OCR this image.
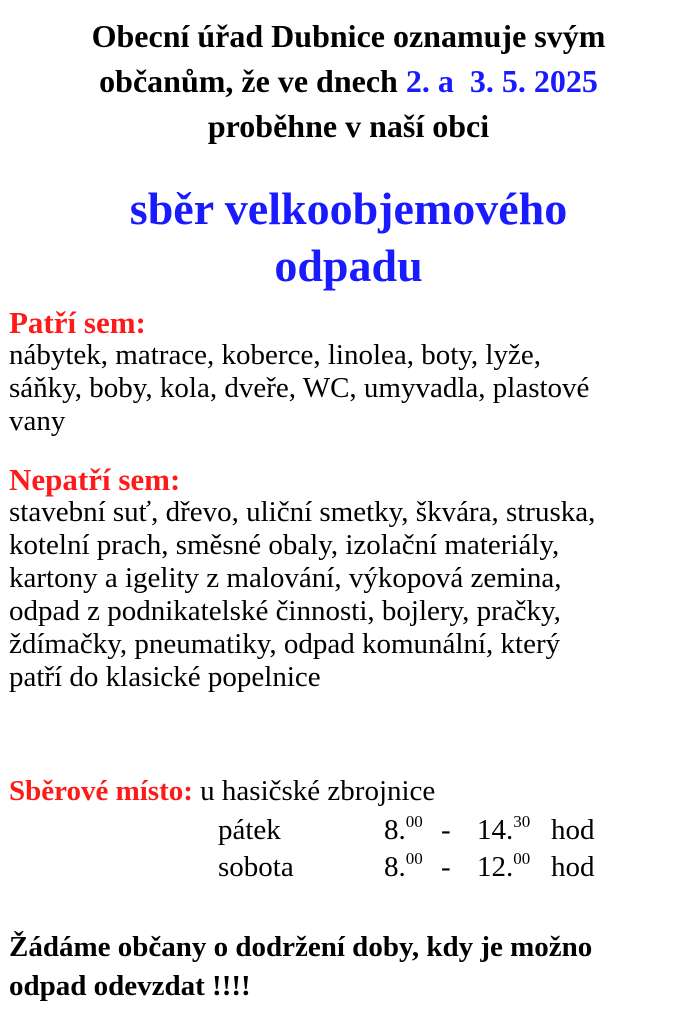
Obecní úřad Dubnice oznamuje svým
občanům, že ve dnech 2. a 3. 5. 2025
proběhne v naší obci
sběr velkoobjemového
odpadu
Patří sem:
nábytek, matrace, koberce, linolea, boty, lyže,
sáňky, boby, kola, dveře, WC, umyvadla, plastové
vany
Nepatří sem:
stavební suť, dřevo, uliční smetky, škvára, struska,
kotelní prach, směsné obaly, izolační materiály,
kartony a igelity z malování, výkopová zemina,
odpad z podnikatelské činnosti, bojlery, pračky,
ždímačky, pneumatiky, odpad komunální, který
patří do klasické popelnice
Sběrové místo: u hasičské zbrojnice
pátek	8.00 - 14.30 hod
sobota	8.00 - 12.00 hod
Žádáme občany o dodržení doby, kdy je možno
odpad odevzdat !!!!
